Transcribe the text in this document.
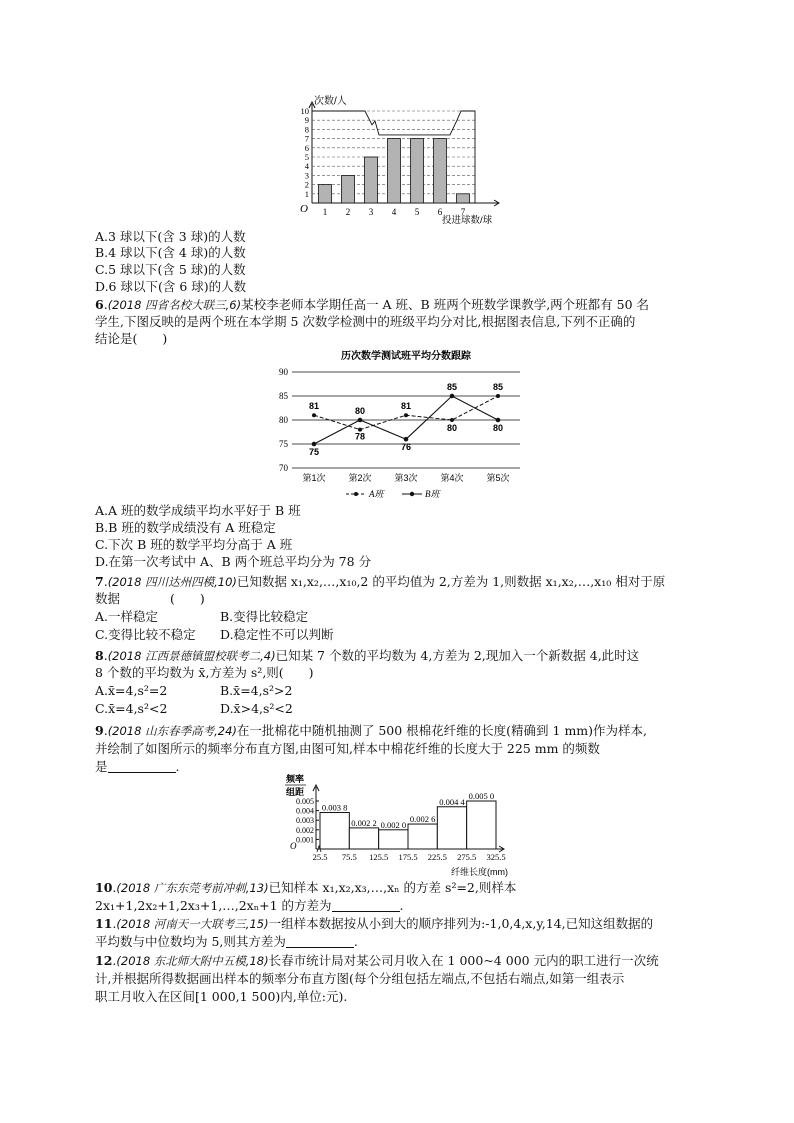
1
2
3
4
5
6
7
8
9
10
1 2 3 4 5 6 7
次数/人
投进球数/球
O
A.3 球以下(含 3 球)的人数
B.4 球以下(含 4 球)的人数
C.5 球以下(含 5 球)的人数
D.6 球以下(含 6 球)的人数
6.(2018 四省名校大联三,6)某校李老师本学期任高一 A 班、B 班两个班数学课教学,两个班都有 50 名
学生,下图反映的是两个班在本学期 5 次数学检测中的班级平均分对比,根据图表信息,下列不正确的
结论是(　　)
历次数学测试班平均分数跟踪
70
75
80
85
90
第1次	第2次	第3次	第4次	第5次
81
78
81
80
85
75
80
76
85
80
A班	B班
A.A 班的数学成绩平均水平好于 B 班
B.B 班的数学成绩没有 A 班稳定
C.下次 B 班的数学平均分高于 A 班
D.在第一次考试中 A、B 两个班总平均分为 78 分
7.(2018 四川达州四模,10)已知数据 x₁,x₂,…,x₁₀,2 的平均值为 2,方差为 1,则数据 x₁,x₂,…,x₁₀ 相对于原
数据　　　　(　　)
A.一样稳定	B.变得比较稳定
C.变得比较不稳定 D.稳定性不可以判断
8.(2018 江西景德镇盟校联考二,4)已知某 7 个数的平均数为 4,方差为 2,现加入一个新数据 4,此时这
8 个数的平均数为 x̄,方差为 s²,则(　　)
A.x̄=4,s²=2	B.x̄=4,s²>2
C.x̄=4,s²<2	D.x̄>4,s²<2
9.(2018 山东春季高考,24)在一批棉花中随机抽测了 500 根棉花纤维的长度(精确到 1 mm)作为样本,
并绘制了如图所示的频率分布直方图,由图可知,样本中棉花纤维的长度大于 225 mm 的频数
是	.
频率
组距
O
纤维长度(mm)
0.001
0.002
0.003
0.004
0.005
25.5 75.5 125.5 175.5 225.5 275.5 325.5
0.003 8
0.002 2 0.002 0
0.002 6
0.004 4
0.005 0
10.(2018 广东东莞考前冲刺,13)已知样本 x₁,x₂,x₃,…,xₙ 的方差 s²=2,则样本
2x₁+1,2x₂+1,2x₃+1,…,2xₙ+1 的方差为	.
11.(2018 河南天一大联考三,15)一组样本数据按从小到大的顺序排列为:-1,0,4,x,y,14,已知这组数据的
平均数与中位数均为 5,则其方差为	.
12.(2018 东北师大附中五模,18)长春市统计局对某公司月收入在 1 000~4 000 元内的职工进行一次统
计,并根据所得数据画出样本的频率分布直方图(每个分组包括左端点,不包括右端点,如第一组表示
职工月收入在区间[1 000,1 500)内,单位:元).
